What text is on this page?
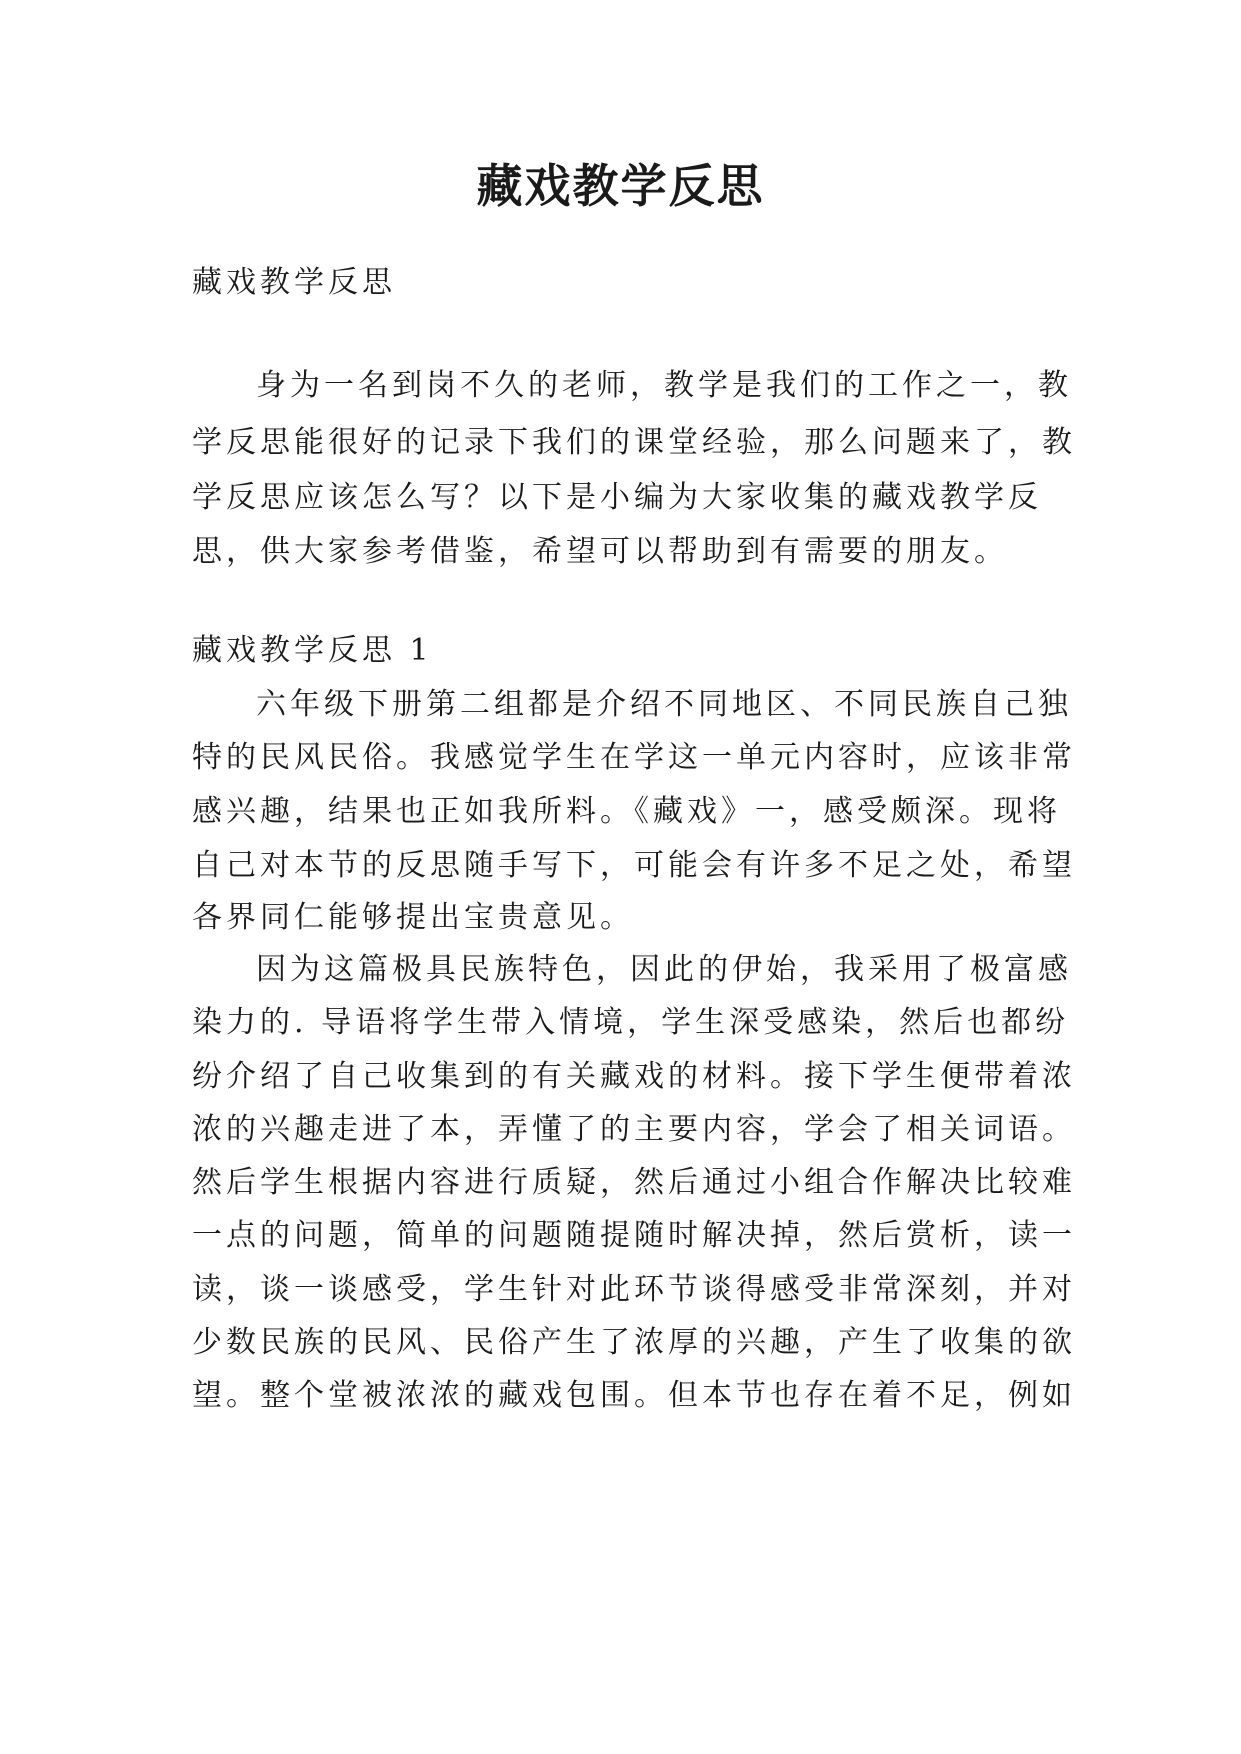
藏戏教学反思

藏戏教学反思

身为一名到岗不久的老师，教学是我们的工作之一，教

学反思能很好的记录下我们的课堂经验，那么问题来了，教

学反思应该怎么写？以下是小编为大家收集的藏戏教学反

思，供大家参考借鉴，希望可以帮助到有需要的朋友。

藏戏教学反思 1

六年级下册第二组都是介绍不同地区、不同民族自己独

特的民风民俗。我感觉学生在学这一单元内容时，应该非常

感兴趣，结果也正如我所料。《藏戏》一，感受颇深。现将

自己对本节的反思随手写下，可能会有许多不足之处，希望

各界同仁能够提出宝贵意见。

因为这篇极具民族特色，因此的伊始，我采用了极富感

染力的. 导语将学生带入情境，学生深受感染，然后也都纷

纷介绍了自己收集到的有关藏戏的材料。接下学生便带着浓

浓的兴趣走进了本，弄懂了的主要内容，学会了相关词语。

然后学生根据内容进行质疑，然后通过小组合作解决比较难

一点的问题，简单的问题随提随时解决掉，然后赏析，读一

读，谈一谈感受，学生针对此环节谈得感受非常深刻，并对

少数民族的民风、民俗产生了浓厚的兴趣，产生了收集的欲

望。整个堂被浓浓的藏戏包围。但本节也存在着不足，例如
